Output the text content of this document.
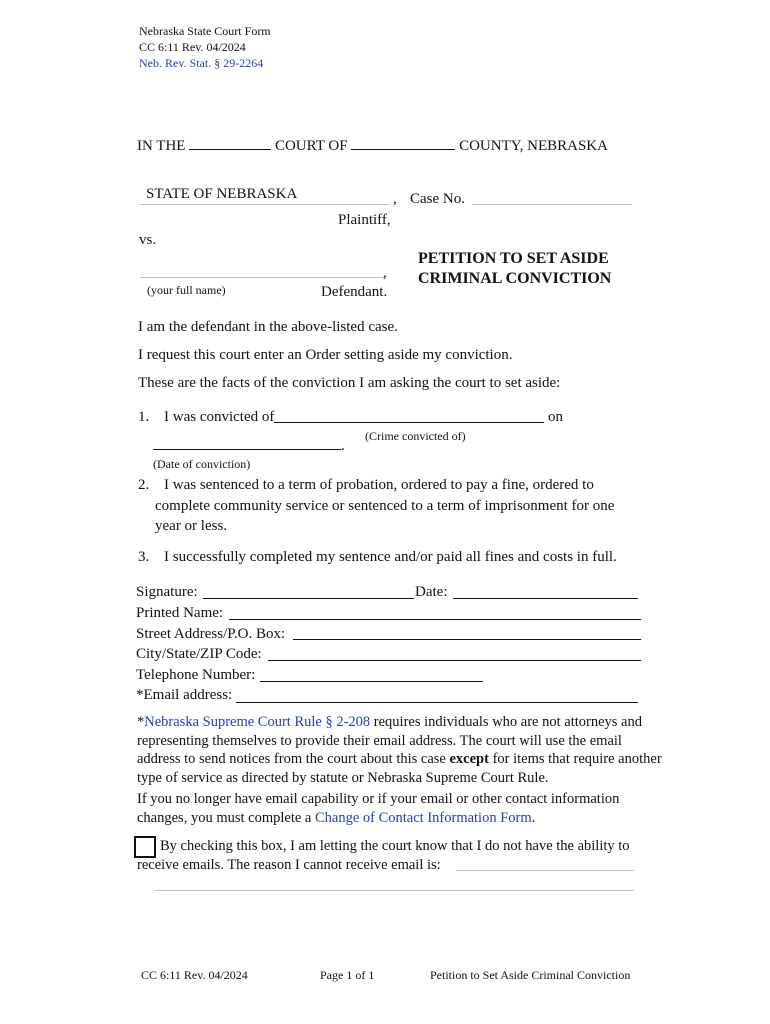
Nebraska State Court Form
CC 6:11 Rev. 04/2024
Neb. Rev. Stat. § 29-2264
IN THE	COURT OF	COUNTY, NEBRASKA
STATE OF NEBRASKA	, Case No.
Plaintiff,
vs.
PETITION TO SET ASIDE
CRIMINAL CONVICTION
,
(your full name)	Defendant.
I am the defendant in the above-listed case.
I request this court enter an Order setting aside my conviction.
These are the facts of the conviction I am asking the court to set aside:
1. I was convicted of	on
(Crime convicted of)
.
(Date of conviction)
2. I was sentenced to a term of probation, ordered to pay a fine, ordered to
complete community service or sentenced to a term of imprisonment for one
year or less.
3. I successfully completed my sentence and/or paid all fines and costs in full.
Signature:	Date:
Printed Name:
Street Address/P.O. Box:
City/State/ZIP Code:
Telephone Number:
*Email address:
*Nebraska Supreme Court Rule § 2-208 requires individuals who are not attorneys and representing themselves to provide their email address. The court will use the email address to send notices from the court about this case except for items that require another type of service as directed by statute or Nebraska Supreme Court Rule.
If you no longer have email capability or if your email or other contact information changes, you must complete a Change of Contact Information Form.
By checking this box, I am letting the court know that I do not have the ability to receive emails. The reason I cannot receive email is:
CC 6:11 Rev. 04/2024	Page 1 of 1	Petition to Set Aside Criminal Conviction
